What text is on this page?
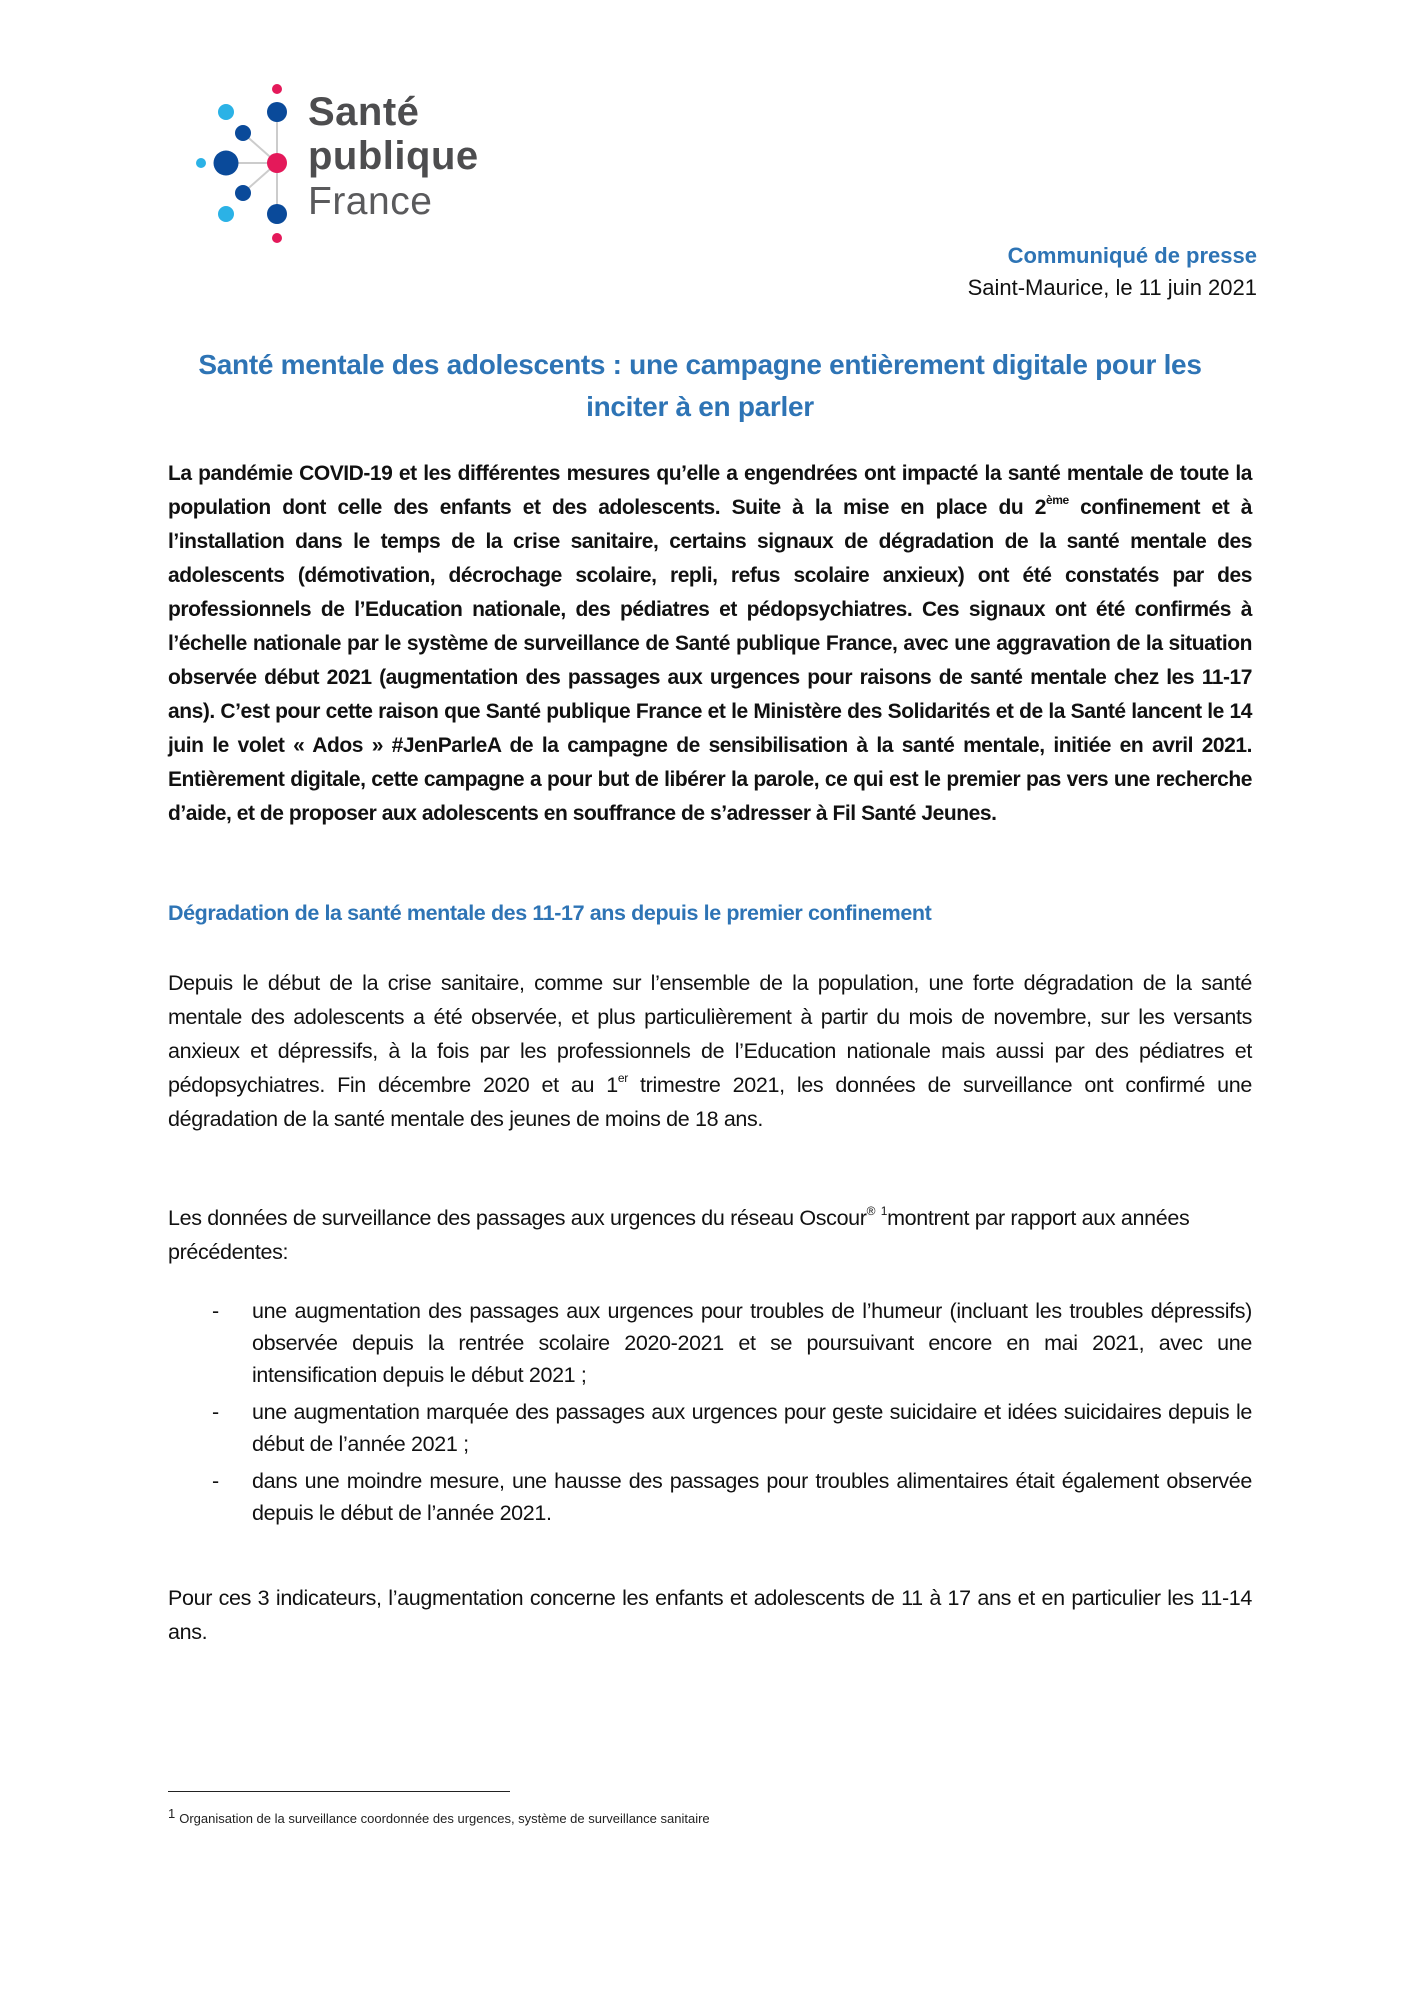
Santé
publique
France
Communiqué de presse
Saint-Maurice, le 11 juin 2021
Santé mentale des adolescents : une campagne entièrement digitale pour les
inciter à en parler

La pandémie COVID-19 et les différentes mesures qu’elle a engendrées ont impacté la santé mentale de toute la population dont celle des enfants et des adolescents. Suite à la mise en place du 2ème confinement et à l’installation dans le temps de la crise sanitaire, certains signaux de dégradation de la santé mentale des adolescents (démotivation, décrochage scolaire, repli, refus scolaire anxieux) ont été constatés par des professionnels de l’Education nationale, des pédiatres et pédopsychiatres. Ces signaux ont été confirmés à l’échelle nationale par le système de surveillance de Santé publique France, avec une aggravation de la situation observée début 2021 (augmentation des passages aux urgences pour raisons de santé mentale chez les 11-17 ans). C’est pour cette raison que Santé publique France et le Ministère des Solidarités et de la Santé lancent le 14 juin le volet « Ados » #JenParleA de la campagne de sensibilisation à la santé mentale, initiée en avril 2021. Entièrement digitale, cette campagne a pour but de libérer la parole, ce qui est le premier pas vers une recherche d’aide, et de proposer aux adolescents en souffrance de s’adresser à Fil Santé Jeunes.

Dégradation de la santé mentale des 11-17 ans depuis le premier confinement

Depuis le début de la crise sanitaire, comme sur l’ensemble de la population, une forte dégradation de la santé mentale des adolescents a été observée, et plus particulièrement à partir du mois de novembre, sur les versants anxieux et dépressifs, à la fois par les professionnels de l’Education nationale mais aussi par des pédiatres et pédopsychiatres. Fin décembre 2020 et au 1er trimestre 2021, les données de surveillance ont confirmé une dégradation de la santé mentale des jeunes de moins de 18 ans.

Les données de surveillance des passages aux urgences du réseau Oscour® $^1$montrent par rapport aux années précédentes:

- une augmentation des passages aux urgences pour troubles de l’humeur (incluant les troubles dépressifs) observée depuis la rentrée scolaire 2020-2021 et se poursuivant encore en mai 2021, avec une intensification depuis le début 2021 ;

- une augmentation marquée des passages aux urgences pour geste suicidaire et idées suicidaires depuis le début de l’année 2021 ;

- dans une moindre mesure, une hausse des passages pour troubles alimentaires était également observée depuis le début de l’année 2021.

Pour ces 3 indicateurs, l’augmentation concerne les enfants et adolescents de 11 à 17 ans et en particulier les 11-14 ans.

1 Organisation de la surveillance coordonnée des urgences, système de surveillance sanitaire
